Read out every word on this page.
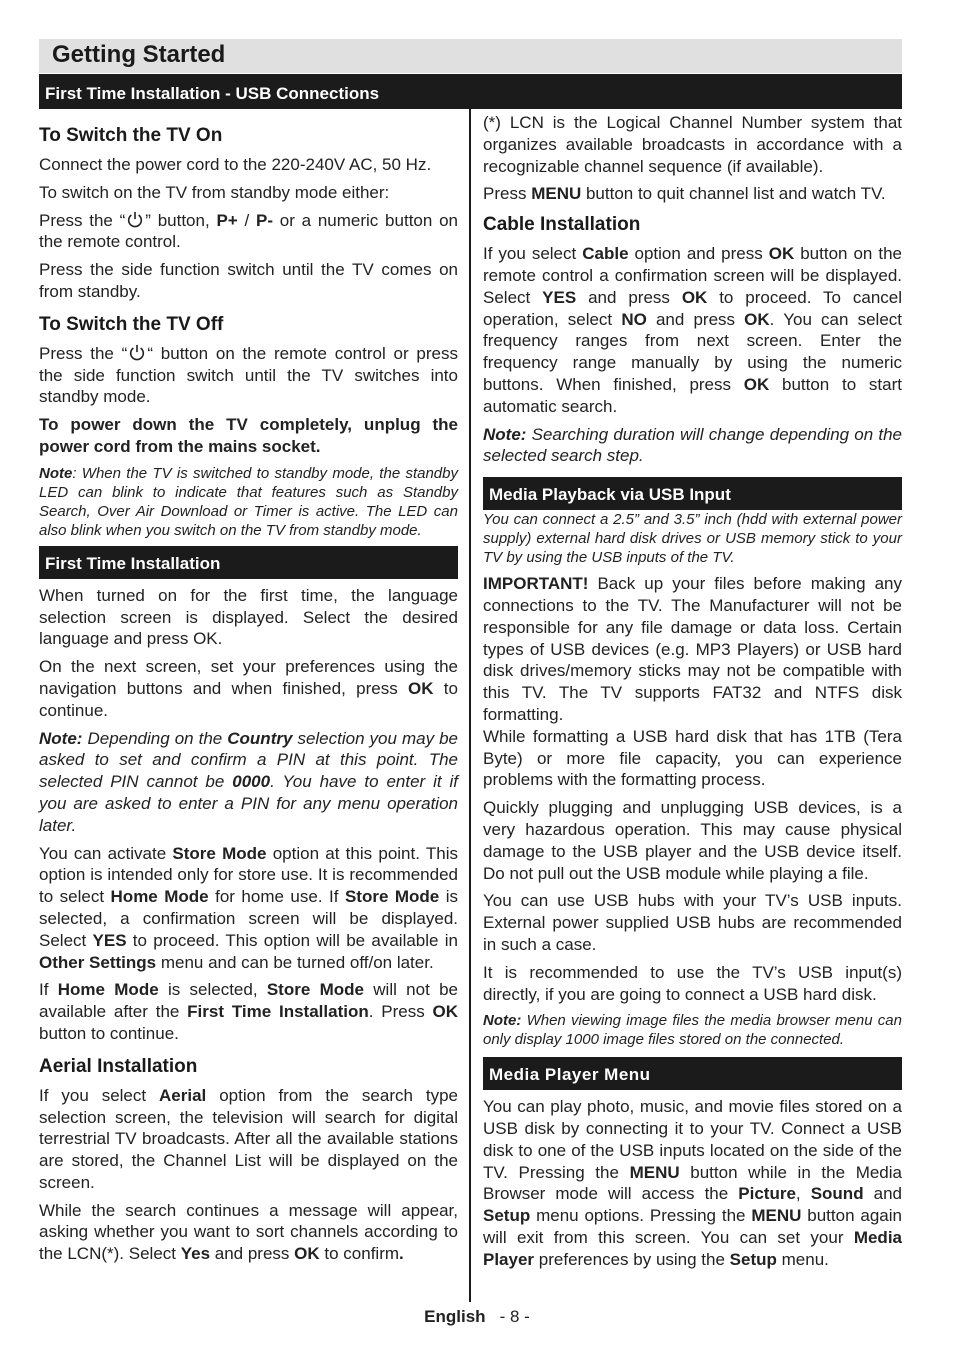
Getting Started
First Time Installation - USB Connections
To Switch the TV On

Connect the power cord to the 220-240V AC, 50 Hz.

To switch on the TV from standby mode either:

Press the “ ” button, P+ / P- or a numeric button on the remote control.

Press the side function switch until the TV comes on from standby.

To Switch the TV Off

Press the “ “ button on the remote control or press the side function switch until the TV switches into standby mode.

To power down the TV completely, unplug the power cord from the mains socket.

Note: When the TV is switched to standby mode, the standby LED can blink to indicate that features such as Standby Search, Over Air Download or Timer is active. The LED can also blink when you switch on the TV from standby mode.

First Time Installation

When turned on for the first time, the language selection screen is displayed. Select the desired language and press OK.

On the next screen, set your preferences using the navigation buttons and when finished, press OK to continue.

Note: Depending on the Country selection you may be asked to set and confirm a PIN at this point. The selected PIN cannot be 0000. You have to enter it if you are asked to enter a PIN for any menu operation later.

You can activate Store Mode option at this point. This option is intended only for store use. It is recommended to select Home Mode for home use. If Store Mode is selected, a confirmation screen will be displayed. Select YES to proceed. This option will be available in Other Settings menu and can be turned off/on later.

If Home Mode is selected, Store Mode will not be available after the First Time Installation. Press OK button to continue.

Aerial Installation

If you select Aerial option from the search type selection screen, the television will search for digital terrestrial TV broadcasts. After all the available stations are stored, the Channel List will be displayed on the screen.

While the search continues a message will appear, asking whether you want to sort channels according to the LCN(*). Select Yes and press OK to confirm.

(*) LCN is the Logical Channel Number system that organizes available broadcasts in accordance with a recognizable channel sequence (if available).

Press MENU button to quit channel list and watch TV.

Cable Installation

If you select Cable option and press OK button on the remote control a confirmation screen will be displayed. Select YES and press OK to proceed. To cancel operation, select NO and press OK. You can select frequency ranges from next screen. Enter the frequency range manually by using the numeric buttons. When finished, press OK button to start automatic search.

Note: Searching duration will change depending on the selected search step.

Media Playback via USB Input

You can connect a 2.5” and 3.5” inch (hdd with external power supply) external hard disk drives or USB memory stick to your TV by using the USB inputs of the TV.

IMPORTANT! Back up your files before making any connections to the TV. The Manufacturer will not be responsible for any file damage or data loss. Certain types of USB devices (e.g. MP3 Players) or USB hard disk drives/memory sticks may not be compatible with this TV. The TV supports FAT32 and NTFS disk formatting.

While formatting a USB hard disk that has 1TB (Tera Byte) or more file capacity, you can experience problems with the formatting process.

Quickly plugging and unplugging USB devices, is a very hazardous operation. This may cause physical damage to the USB player and the USB device itself. Do not pull out the USB module while playing a file.

You can use USB hubs with your TV’s USB inputs. External power supplied USB hubs are recommended in such a case.

It is recommended to use the TV’s USB input(s) directly, if you are going to connect a USB hard disk.

Note: When viewing image files the media browser menu can only display 1000 image files stored on the connected.

Media Player Menu

You can play photo, music, and movie files stored on a USB disk by connecting it to your TV. Connect a USB disk to one of the USB inputs located on the side of the TV. Pressing the MENU button while in the Media Browser mode will access the Picture, Sound and Setup menu options. Pressing the MENU button again will exit from this screen. You can set your Media Player preferences by using the Setup menu.

English - 8 -
